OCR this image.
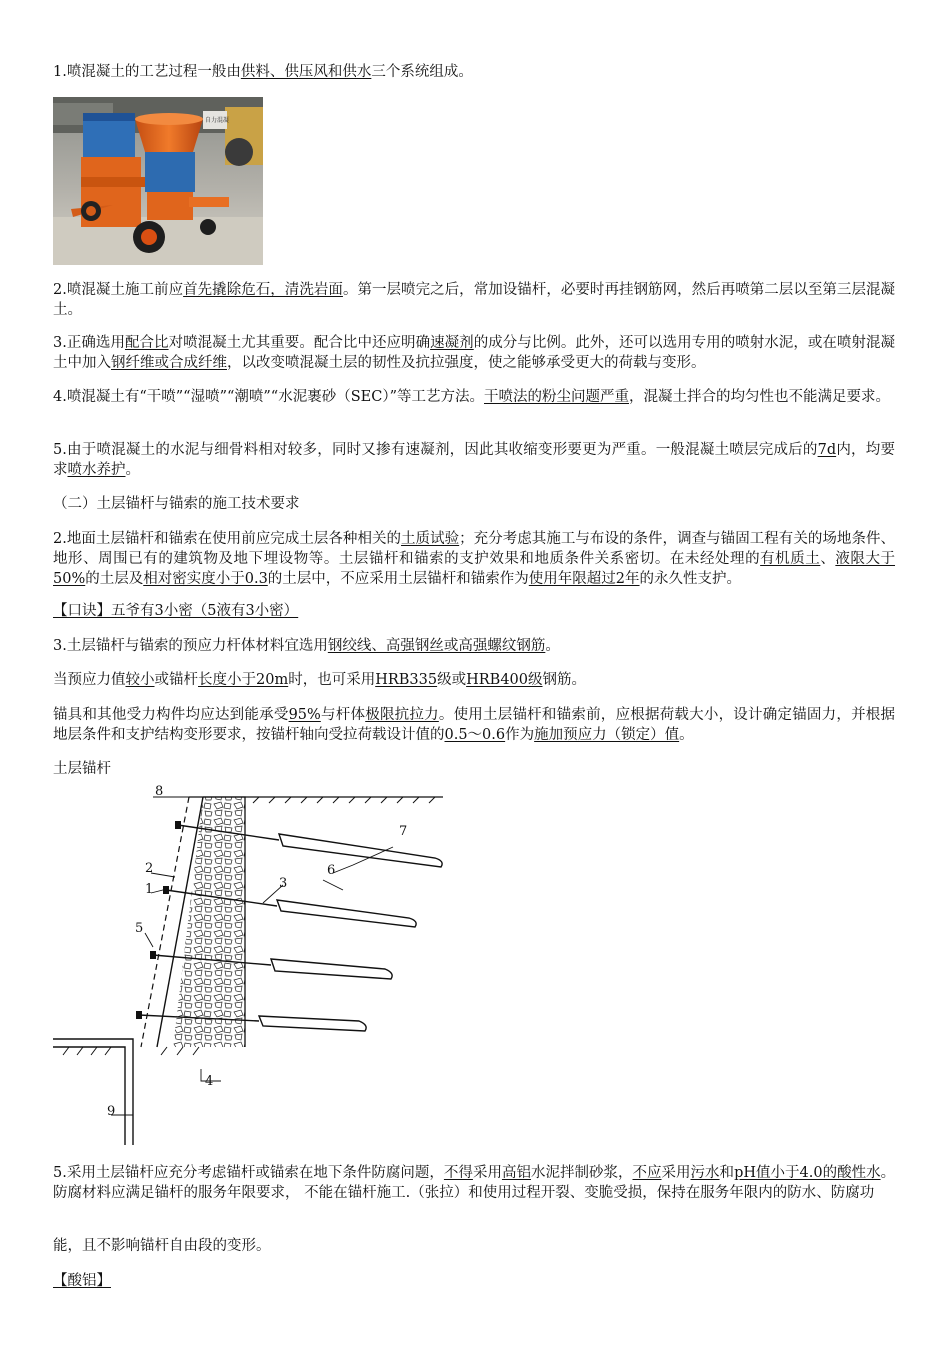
1.喷混凝土的工艺过程一般由供料、供压风和供水三个系统组成。

自力混凝

2.喷混凝土施工前应首先撬除危石，清洗岩面。第一层喷完之后，常加设锚杆，必要时再挂钢筋网，然后再喷第二层以至第三层混凝土。

3.正确选用配合比对喷混凝土尤其重要。配合比中还应明确速凝剂的成分与比例。此外，还可以选用专用的喷射水泥，或在喷射混凝土中加入钢纤维或合成纤维，以改变喷混凝土层的韧性及抗拉强度，使之能够承受更大的荷载与变形。

4.喷混凝土有“干喷”“湿喷”“潮喷”“水泥裹砂（SEC）”等工艺方法。干喷法的粉尘问题严重，混凝土拌合的均匀性也不能满足要求。

5.由于喷混凝土的水泥与细骨料相对较多，同时又掺有速凝剂，因此其收缩变形要更为严重。一般混凝土喷层完成后的7d内，均要求喷水养护。

（二）土层锚杆与锚索的施工技术要求

2.地面土层锚杆和锚索在使用前应完成土层各种相关的土质试验；充分考虑其施工与布设的条件，调查与锚固工程有关的场地条件、地形、周围已有的建筑物及地下埋设物等。土层锚杆和锚索的支护效果和地质条件关系密切。在未经处理的有机质土、液限大于50%的土层及相对密实度小于0.3的土层中，不应采用土层锚杆和锚索作为使用年限超过2年的永久性支护。

【口诀】五爷有3小密（5液有3小密）

3.土层锚杆与锚索的预应力杆体材料宜选用钢绞线、高强钢丝或高强螺纹钢筋。

当预应力值较小或锚杆长度小于20m时，也可采用HRB335级或HRB400级钢筋。

锚具和其他受力构件均应达到能承受95%与杆体极限抗拉力。使用土层锚杆和锚索前，应根据荷载大小，设计确定锚固力，并根据地层条件和支护结构变形要求，按锚杆轴向受拉荷载设计值的0.5～0.6作为施加预应力（锁定）值。

土层锚杆

8
2
1	3
5
6
7
4
9

5.采用土层锚杆应充分考虑锚杆或锚索在地下条件防腐问题，不得采用高铝水泥拌制砂浆，不应采用污水和pH值小于4.0的酸性水。防腐材料应满足锚杆的服务年限要求， 不能在锚杆施工.（张拉）和使用过程开裂、变脆受损，保持在服务年限内的防水、防腐功

能，且不影响锚杆自由段的变形。

【酸铝】
